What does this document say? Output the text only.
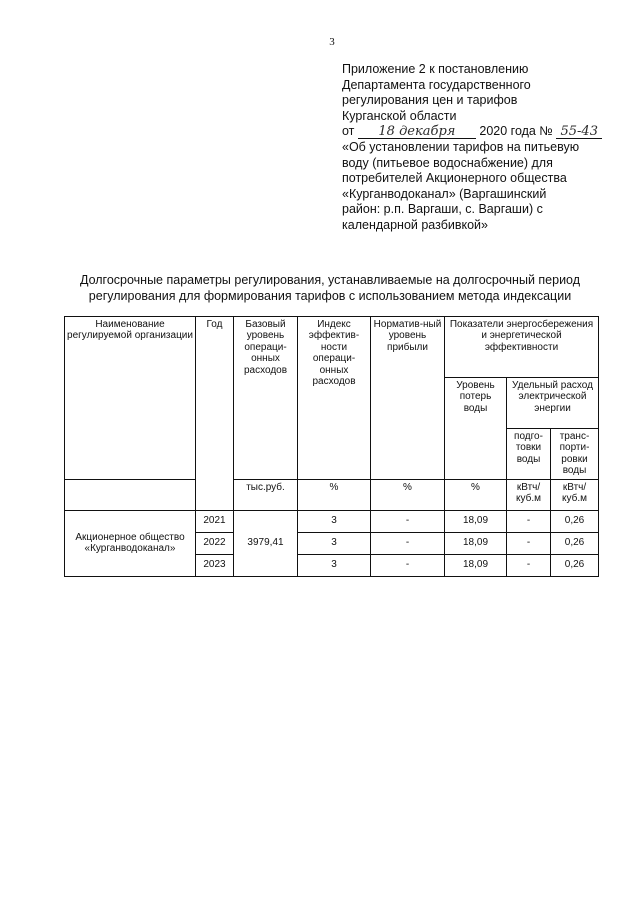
3
Приложение 2 к постановлению
Департамента государственного
регулирования цен и тарифов
Курганской области
от 18 декабря 2020 года № 55-43
«Об установлении тарифов на питьевую
воду (питьевое водоснабжение) для
потребителей Акционерного общества
«Курганводоканал» (Варгашинский
район: р.п. Варгаши, с. Варгаши) с
календарной разбивкой»
Долгосрочные параметры регулирования, устанавливаемые на долгосрочный период
регулирования для формирования тарифов с использованием метода индексации
Наименование регулируемой организации	Год	Базовый уровень операци-онных расходов	Индекс эффектив-ности операци-онных расходов	Норматив-ный уровень прибыли	Показатели энергосбережения и энергетической эффективности		
					Уровень потерь воды	Удельный расход электрической энергии	
						подго-товки воды	транс-порти-ровки воды
		тыс.руб.	%	%	%	кВтч/ куб.м	кВтч/ куб.м
Акционерное общество «Курганводоканал»	2021	3979,41	3	-	18,09	-	0,26
	2022		3	-	18,09	-	0,26
	2023		3	-	18,09	-	0,26
